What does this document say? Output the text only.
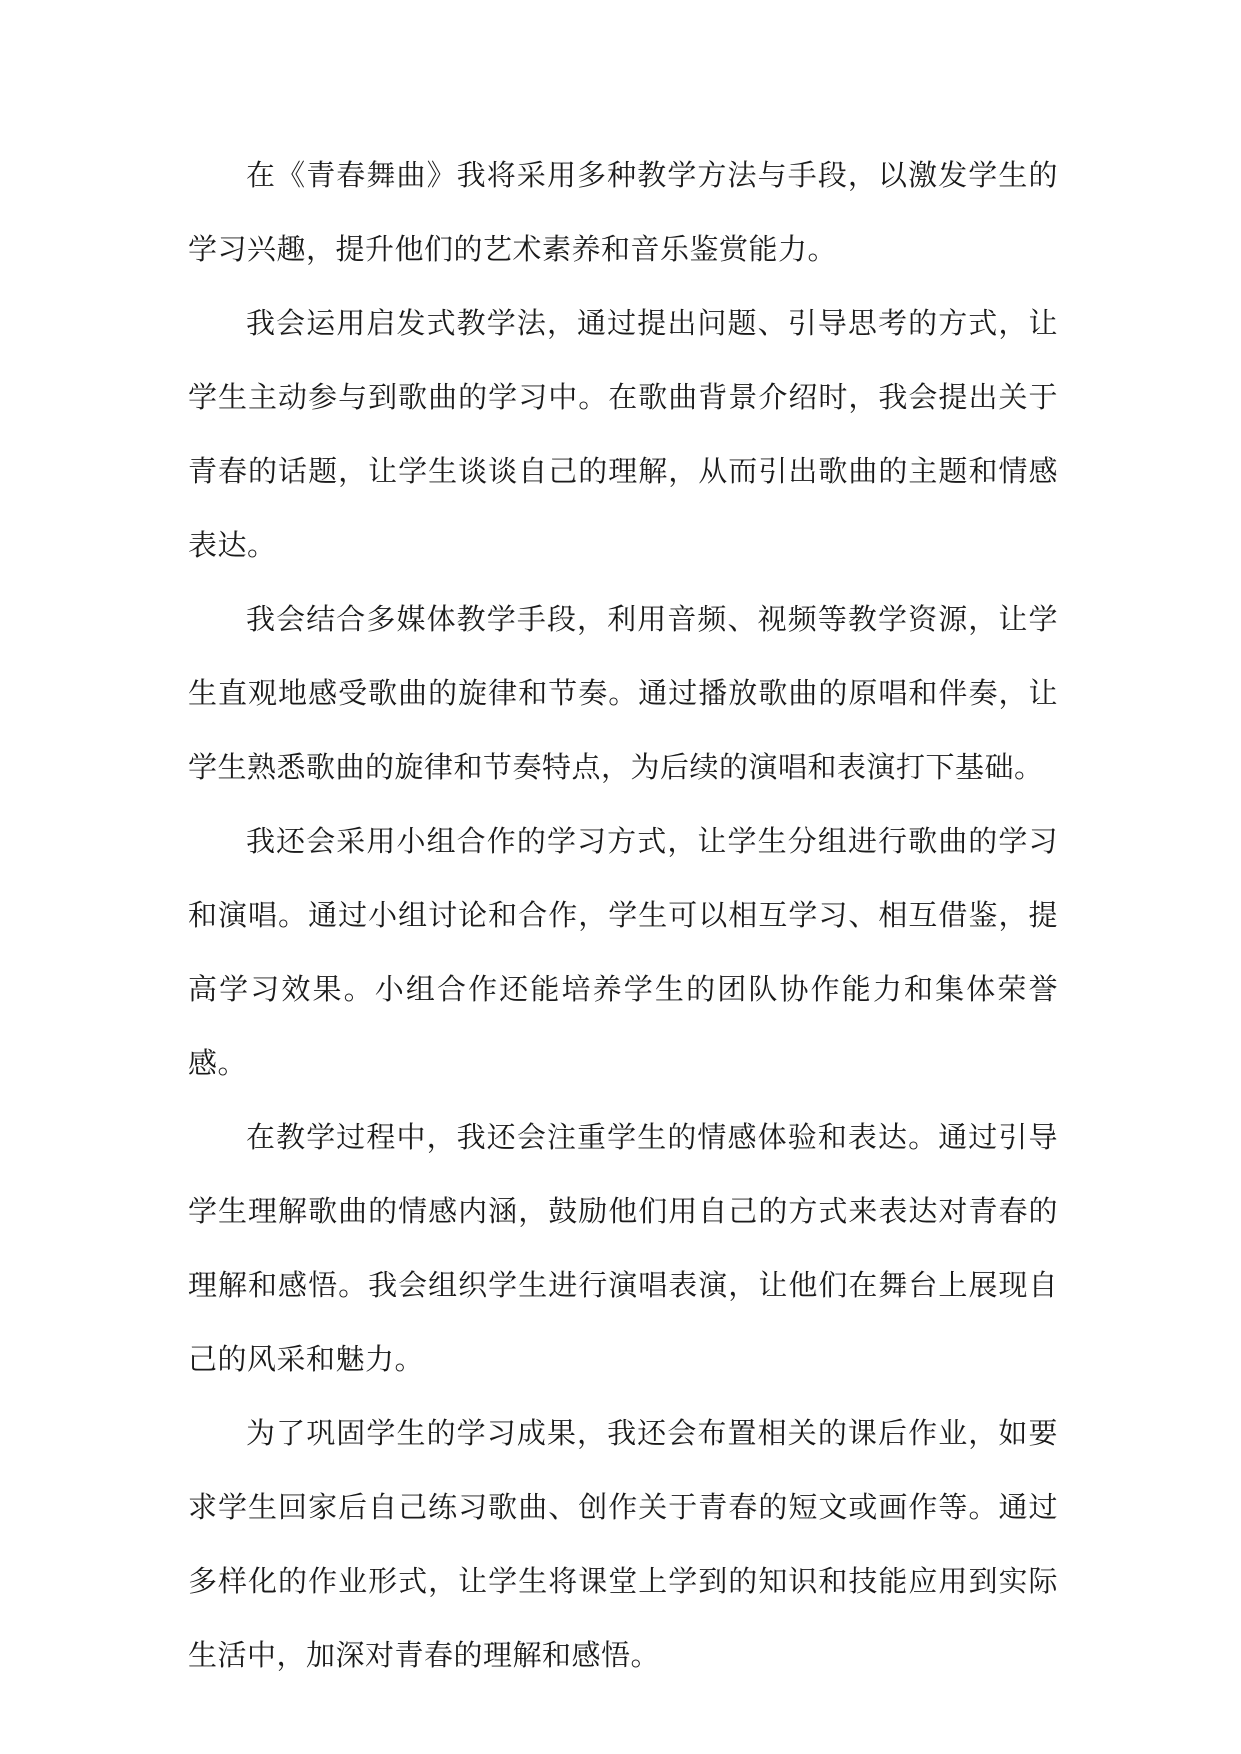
在《青春舞曲》我将采用多种教学方法与手段，以激发学生的学习兴趣，提升他们的艺术素养和音乐鉴赏能力。

我会运用启发式教学法，通过提出问题、引导思考的方式，让学生主动参与到歌曲的学习中。在歌曲背景介绍时，我会提出关于青春的话题，让学生谈谈自己的理解，从而引出歌曲的主题和情感表达。

我会结合多媒体教学手段，利用音频、视频等教学资源，让学生直观地感受歌曲的旋律和节奏。通过播放歌曲的原唱和伴奏，让学生熟悉歌曲的旋律和节奏特点，为后续的演唱和表演打下基础。

我还会采用小组合作的学习方式，让学生分组进行歌曲的学习和演唱。通过小组讨论和合作，学生可以相互学习、相互借鉴，提高学习效果。小组合作还能培养学生的团队协作能力和集体荣誉感。

在教学过程中，我还会注重学生的情感体验和表达。通过引导学生理解歌曲的情感内涵，鼓励他们用自己的方式来表达对青春的理解和感悟。我会组织学生进行演唱表演，让他们在舞台上展现自己的风采和魅力。

为了巩固学生的学习成果，我还会布置相关的课后作业，如要求学生回家后自己练习歌曲、创作关于青春的短文或画作等。通过多样化的作业形式，让学生将课堂上学到的知识和技能应用到实际生活中，加深对青春的理解和感悟。
